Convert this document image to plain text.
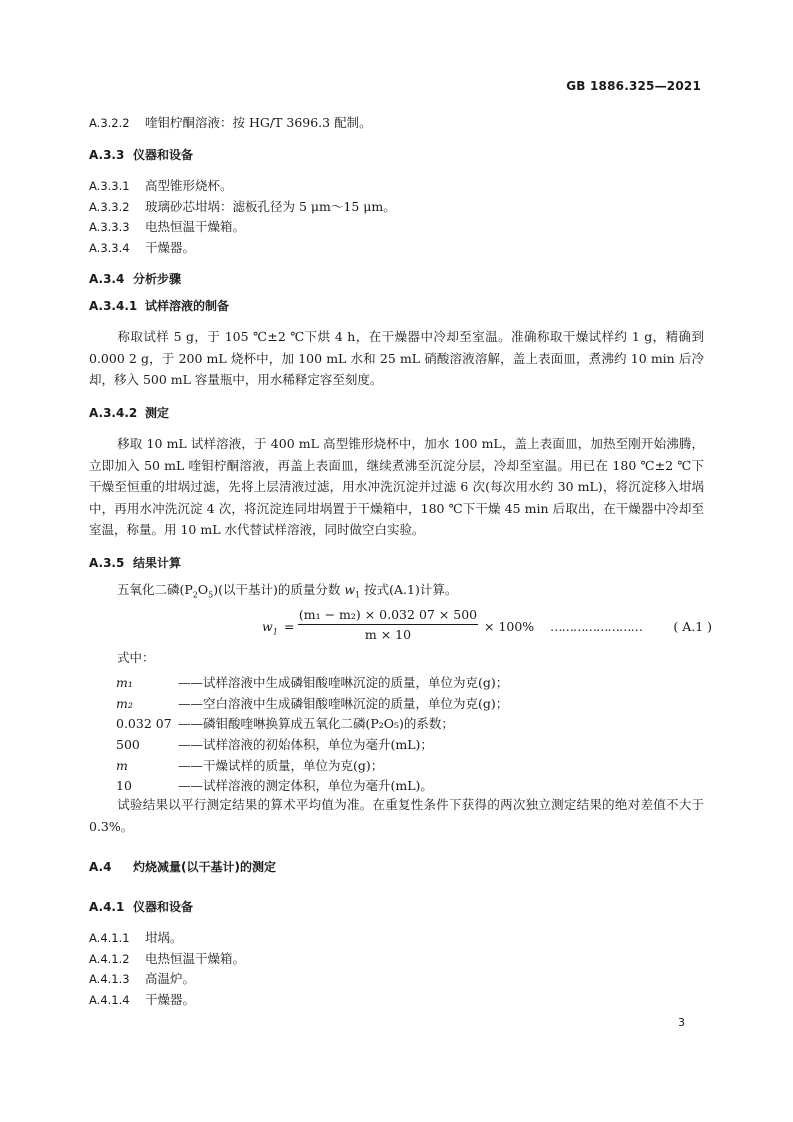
GB 1886.325—2021
A.3.2.2 喹钼柠酮溶液：按 HG/T 3696.3 配制。
A.3.3 仪器和设备
A.3.3.1 高型锥形烧杯。
A.3.3.2 玻璃砂芯坩埚：滤板孔径为 5 μm～15 μm。
A.3.3.3 电热恒温干燥箱。
A.3.3.4 干燥器。
A.3.4 分析步骤
A.3.4.1 试样溶液的制备
称取试样 5 g，于 105 ℃±2 ℃下烘 4 h，在干燥器中冷却至室温。准确称取干燥试样约 1 g，精确到 0.000 2 g，于 200 mL 烧杯中，加 100 mL 水和 25 mL 硝酸溶液溶解，盖上表面皿，煮沸约 10 min 后冷却，移入 500 mL 容量瓶中，用水稀释定容至刻度。
A.3.4.2 测定
移取 10 mL 试样溶液，于 400 mL 高型锥形烧杯中，加水 100 mL，盖上表面皿，加热至刚开始沸腾，立即加入 50 mL 喹钼柠酮溶液，再盖上表面皿，继续煮沸至沉淀分层，冷却至室温。用已在 180 ℃±2 ℃下干燥至恒重的坩埚过滤，先将上层清液过滤，用水冲洗沉淀并过滤 6 次(每次用水约 30 mL)，将沉淀移入坩埚中，再用水冲洗沉淀 4 次，将沉淀连同坩埚置于干燥箱中，180 ℃下干燥 45 min 后取出，在干燥器中冷却至室温，称量。用 10 mL 水代替试样溶液，同时做空白实验。
A.3.5 结果计算
五氧化二磷$(P_2O_5)$(以干基计)的质量分数 $w_1$ 按式(A.1)计算。
$w_1 = \frac{\text{(m₁ − m₂) × 0.032 07 × 500}}{m \times 10} \times 100\%$ ……………………	( A.1 )
式中：
m₁	——试样溶液中生成磷钼酸喹啉沉淀的质量，单位为克(g)；
m₂	——空白溶液中生成磷钼酸喹啉沉淀的质量，单位为克(g)；
0.032 07 ——磷钼酸喹啉换算成五氧化二磷(P₂O₅)的系数；
500	——试样溶液的初始体积，单位为毫升(mL)；
m	——干燥试样的质量，单位为克(g)；
10	——试样溶液的测定体积，单位为毫升(mL)。
试验结果以平行测定结果的算术平均值为准。在重复性条件下获得的两次独立测定结果的绝对差值不大于 0.3%。
A.4 灼烧减量(以干基计)的测定
A.4.1 仪器和设备
A.4.1.1 坩埚。
A.4.1.2 电热恒温干燥箱。
A.4.1.3 高温炉。
A.4.1.4 干燥器。
3
